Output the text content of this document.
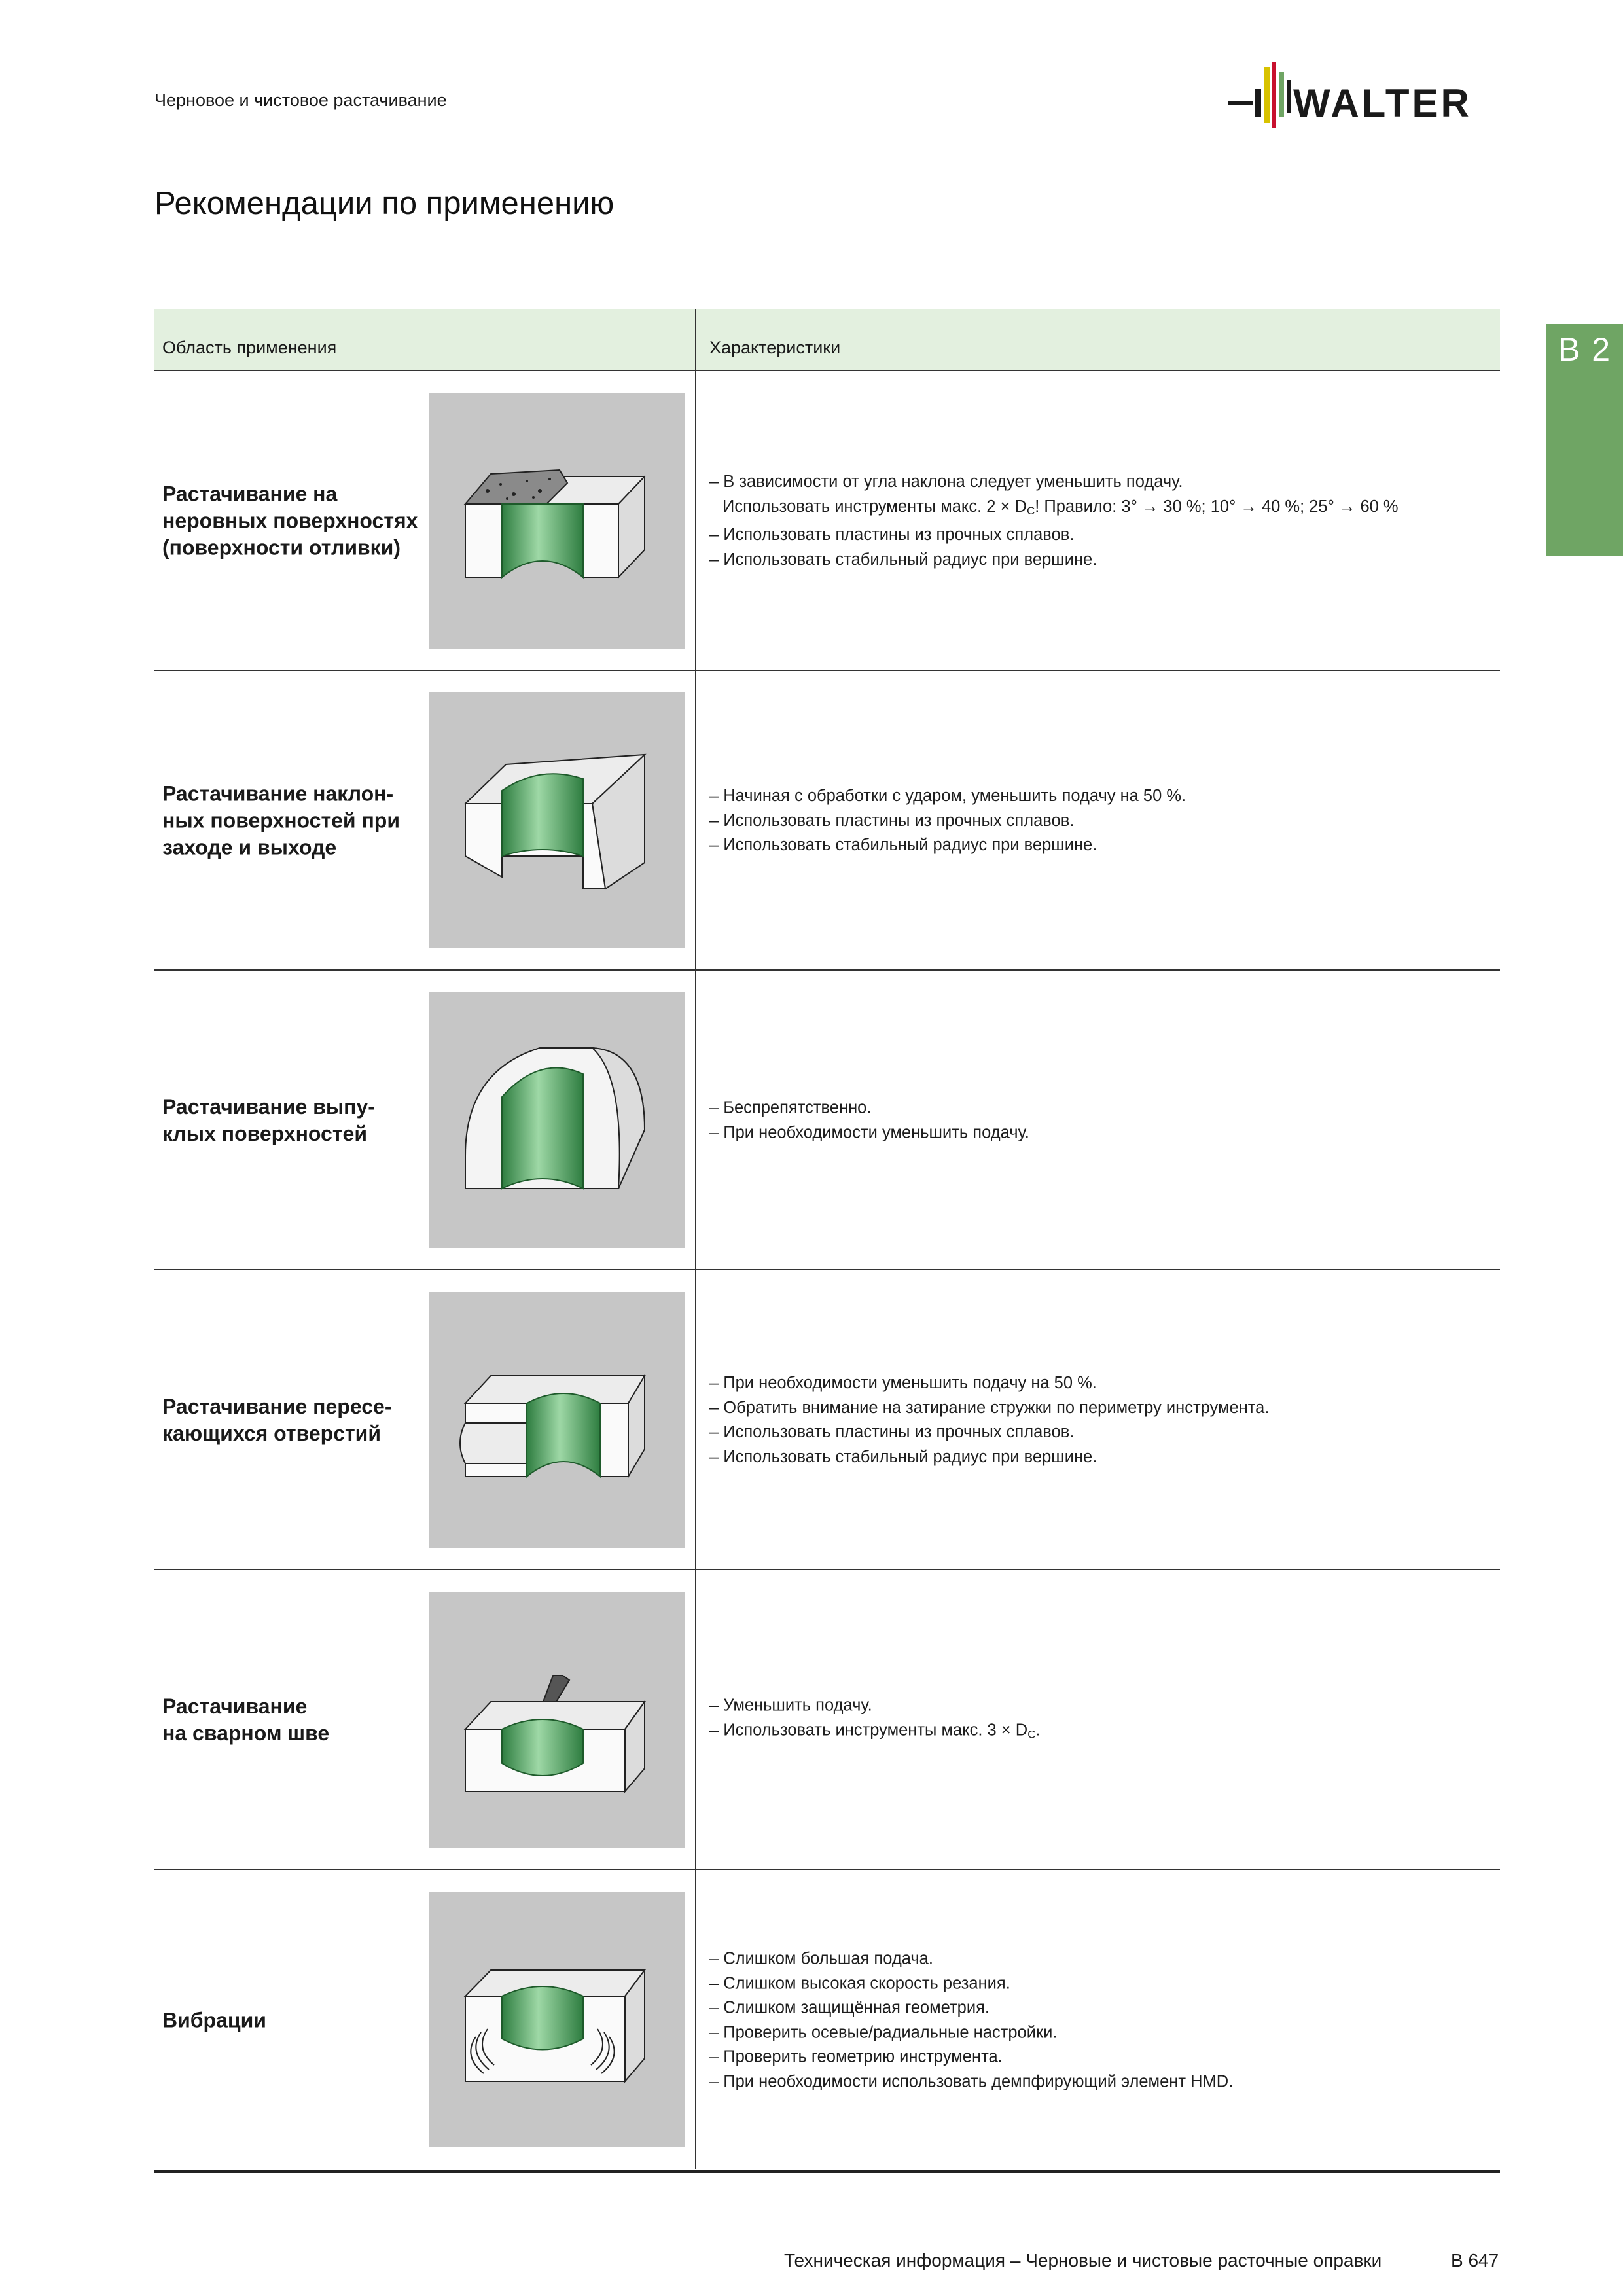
Черновое и чистовое растачивание	WALTER
Рекомендации по применению
B 2
Область применения	Характеристики
Растачивание на
неровных поверхностях
(поверхности отливки)
– В зависимости от угла наклона следует уменьшить подачу.
Использовать инструменты макс. $2 \times D_C$! Правило: 3° → 30 %; 10° → 40 %; 25° → 60 %
– Использовать пластины из прочных сплавов.
– Использовать стабильный радиус при вершине.
Растачивание наклон-
ных поверхностей при
заходе и выходе
– Начиная с обработки с ударом, уменьшить подачу на 50 %.
– Использовать пластины из прочных сплавов.
– Использовать стабильный радиус при вершине.
Растачивание выпу-
клых поверхностей
– Беспрепятственно.
– При необходимости уменьшить подачу.
Растачивание пересе-
кающихся отверстий
– При необходимости уменьшить подачу на 50 %.
– Обратить внимание на затирание стружки по периметру инструмента.
– Использовать пластины из прочных сплавов.
– Использовать стабильный радиус при вершине.
Растачивание
на сварном шве
– Уменьшить подачу.
– Использовать инструменты макс. $3 \times D_C$.
Вибрации
– Слишком большая подача.
– Слишком высокая скорость резания.
– Слишком защищённая геометрия.
– Проверить осевые/радиальные настройки.
– Проверить геометрию инструмента.
– При необходимости использовать демпфирующий элемент HMD.
Техническая информация – Черновые и чистовые расточные оправки	B 647
